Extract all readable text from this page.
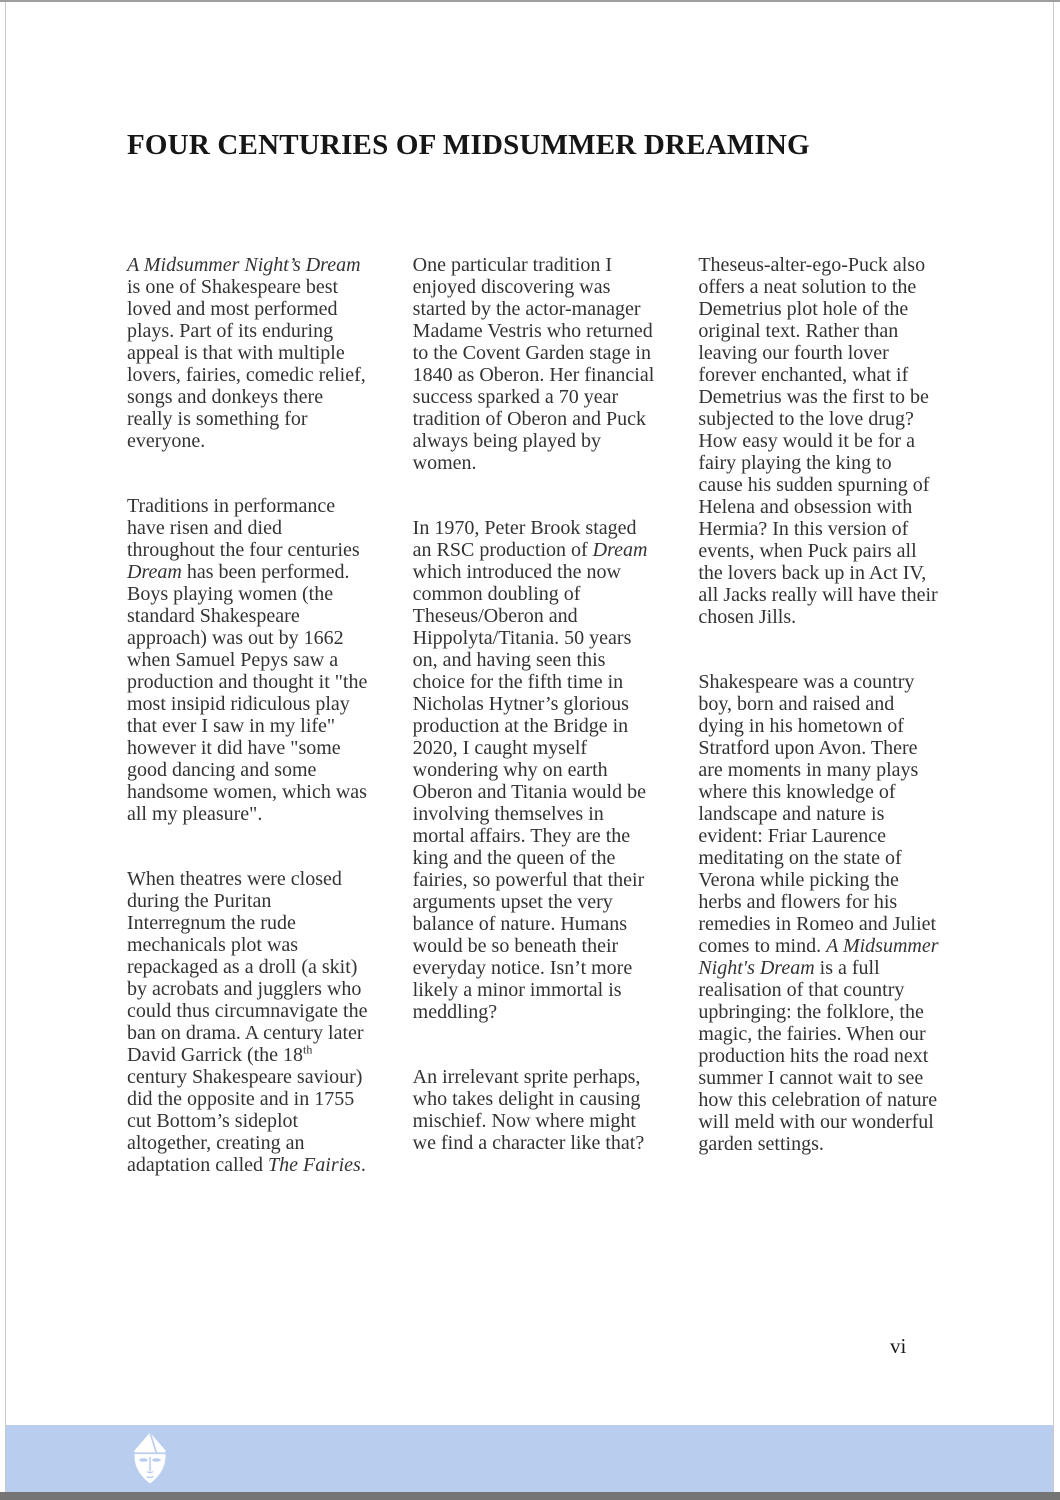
FOUR CENTURIES OF MIDSUMMER DREAMING

A Midsummer Night’s Dream is one of Shakespeare best loved and most performed plays. Part of its enduring appeal is that with multiple lovers, fairies, comedic relief, songs and donkeys there really is something for everyone.

Traditions in performance have risen and died throughout the four centuries Dream has been performed. Boys playing women (the standard Shakespeare approach) was out by 1662 when Samuel Pepys saw a production and thought it "the most insipid ridiculous play that ever I saw in my life" however it did have "some good dancing and some handsome women, which was all my pleasure".

When theatres were closed during the Puritan Interregnum the rude mechanicals plot was repackaged as a droll (a skit) by acrobats and jugglers who could thus circumnavigate the ban on drama. A century later David Garrick (the 18th century Shakespeare saviour) did the opposite and in 1755 cut Bottom’s sideplot altogether, creating an adaptation called The Fairies.

One particular tradition I enjoyed discovering was started by the actor-manager Madame Vestris who returned to the Covent Garden stage in 1840 as Oberon. Her financial success sparked a 70 year tradition of Oberon and Puck always being played by women.

In 1970, Peter Brook staged an RSC production of Dream which introduced the now common doubling of Theseus/Oberon and Hippolyta/Titania. 50 years on, and having seen this choice for the fifth time in Nicholas Hytner’s glorious production at the Bridge in 2020, I caught myself wondering why on earth Oberon and Titania would be involving themselves in mortal affairs. They are the king and the queen of the fairies, so powerful that their arguments upset the very balance of nature. Humans would be so beneath their everyday notice. Isn’t more likely a minor immortal is meddling?

An irrelevant sprite perhaps, who takes delight in causing mischief. Now where might we find a character like that?

Theseus-alter-ego-Puck also offers a neat solution to the Demetrius plot hole of the original text. Rather than leaving our fourth lover forever enchanted, what if Demetrius was the first to be subjected to the love drug? How easy would it be for a fairy playing the king to cause his sudden spurning of Helena and obsession with Hermia? In this version of events, when Puck pairs all the lovers back up in Act IV, all Jacks really will have their chosen Jills.

Shakespeare was a country boy, born and raised and dying in his hometown of Stratford upon Avon. There are moments in many plays where this knowledge of landscape and nature is evident: Friar Laurence meditating on the state of Verona while picking the herbs and flowers for his remedies in Romeo and Juliet comes to mind. A Midsummer Night's Dream is a full realisation of that country upbringing: the folklore, the magic, the fairies. When our production hits the road next summer I cannot wait to see how this celebration of nature will meld with our wonderful garden settings.

vi
